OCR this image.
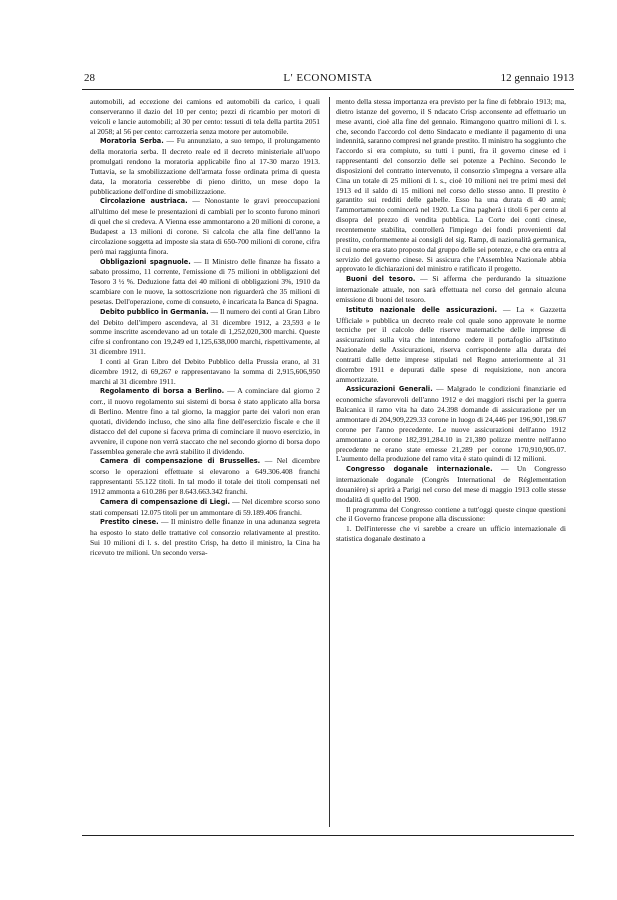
28	L' ECONOMISTA	12 gennaio 1913

automobili, ad eccezione dei camions ed automobili da carico, i quali conserveranno il dazio del 10 per cento; pezzi di ricambio per motori di veicoli e lancie automobili; al 30 per cento: tessuti di tela della partita 2051 al 2058; al 56 per cento: carrozzeria senza motore per automobile.

Moratoria Serba. — Fu annunziato, a suo tempo, il prolungamento della moratoria serba. Il decreto reale ed il decreto ministeriale all'uopo promulgati rendono la moratoria applicabile fino al 17-30 marzo 1913. Tuttavia, se la smobilizzazione dell'armata fosse ordinata prima di questa data, la moratoria cesserebbe di pieno diritto, un mese dopo la pubblicazione dell'ordine di smobilizzazione.

Circolazione austriaca. — Nonostante le gravi preoccupazioni all'ultimo del mese le presentazioni di cambiali per lo sconto furono minori di quel che si credeva. A Vienna esse ammontarono a 20 milioni di corone, a Budapest a 13 milioni di corone. Si calcola che alla fine dell'anno la circolazione soggetta ad imposte sia stata di 650-700 milioni di corone, cifra però mai raggiunta finora.

Obbligazioni spagnuole. — Il Ministro delle finanze ha fissato a sabato prossimo, 11 corrente, l'emissione di 75 milioni in obbligazioni del Tesoro 3 ½ %. Deduzione fatta dei 40 milioni di obbligazioni 3%, 1910 da scambiare con le nuove, la sottoscrizione non riguarderà che 35 milioni di pesetas. Dell'operazione, come di consueto, è incaricata la Banca di Spagna.

Debito pubblico in Germania. — Il numero dei conti al Gran Libro del Debito dell'impero ascendeva, al 31 dicembre 1912, a 23,593 e le somme inscritte ascendevano ad un totale di 1,252,020,300 marchi. Queste cifre si confrontano con 19,249 ed 1,125,638,000 marchi, rispettivamente, al 31 dicembre 1911.

I conti al Gran Libro del Debito Pubblico della Prussia erano, al 31 dicembre 1912, di 69,267 e rappresentavano la somma di 2,915,606,950 marchi al 31 dicembre 1911.

Regolamento di borsa a Berlino. — A cominciare dal giorno 2 corr., il nuovo regolamento sui sistemi di borsa è stato applicato alla borsa di Berlino. Mentre fino a tal giorno, la maggior parte dei valori non eran quotati, dividendo incluso, che sino alla fine dell'esercizio fiscale e che il distacco del del cupone si faceva prima di cominciare il nuovo esercizio, in avvenire, il cupone non verrà staccato che nel secondo giorno di borsa dopo l'assemblea generale che avrà stabilito il dividendo.

Camera di compensazione di Brusselles. — Nel dicembre scorso le operazioni effettuate si elevarono a 649.306.408 franchi rappresentanti 55.122 titoli. In tal modo il totale dei titoli compensati nel 1912 ammonta a 610.286 per 8.643.663.342 franchi.

Camera di compensazione di Liegi. — Nel dicembre scorso sono stati compensati 12.075 titoli per un ammontare di 59.189.406 franchi.

Prestito cinese. — Il ministro delle finanze in una adunanza segreta ha esposto lo stato delle trattative col consorzio relativamente al prestito. Sui 10 milioni di l. s. del prestito Crisp, ha detto il ministro, la Cina ha ricevuto tre milioni. Un secondo versa-

mento della stessa importanza era previsto per la fine di febbraio 1913; ma, dietro istanze del governo, il S ndacato Crisp acconsente ad effettuario un mese avanti, cioè alla fine del gennaio. Rimangono quattro milioni di l. s. che, secondo l'accordo col detto Sindacato e mediante il pagamento di una indennità, saranno compresi nel grande prestito. Il ministro ha soggiunto che l'accordo si era compiuto, su tutti i punti, fra il governo cinese ed i rappresentanti del consorzio delle sei potenze a Pechino. Secondo le disposizioni del contratto intervenuto, il consorzio s'impegna a versare alla Cina un totale di 25 milioni di l. s., cioè 10 milioni nei tre primi mesi del 1913 ed il saldo di 15 milioni nel corso dello stesso anno. Il prestito è garantito sui redditi delle gabelle. Esso ha una durata di 40 anni; l'ammortamento comincerà nel 1920. La Cina pagherà i titoli 6 per cento al disopra del prezzo di vendita pubblica. La Corte dei conti cinese, recentemente stabilita, controllerà l'impiego dei fondi provenienti dal prestito, conformemente ai consigli del sig. Ramp, di nazionalità germanica, il cui nome era stato proposto dal gruppo delle sei potenze, e che ora entra al servizio del governo cinese. Si assicura che l'Assemblea Nazionale abbia approvato le dichiarazioni del ministro e ratificato il progetto.

Buoni del tesoro. — Si afferma che perdurando la situazione internazionale attuale, non sarà effettuata nel corso del gennaio alcuna emissione di buoni del tesoro.

Istituto nazionale delle assicurazioni. — La « Gazzetta Ufficiale » pubblica un decreto reale col quale sono approvate le norme tecniche per il calcolo delle riserve matematiche delle imprese di assicurazioni sulla vita che intendono cedere il portafoglio all'Istituto Nazionale delle Assicurazioni, riserva corrispondente alla durata dei contratti dalle dette imprese stipulati nel Regno anteriormente al 31 dicembre 1911 e depurati dalle spese di requisizione, non ancora ammortizzate.

Assicurazioni Generali. — Malgrado le condizioni finanziarie ed economiche sfavorevoli dell'anno 1912 e dei maggiori rischi per la guerra Balcanica il ramo vita ha dato 24.398 domande di assicurazione per un ammontare di 204,909,229.33 corone in luogo di 24,446 per 196,901,198.67 corone per l'anno precedente. Le nuove assicurazioni dell'anno 1912 ammontano a corone 182,391,284.10 in 21,380 polizze mentre nell'anno precedente ne erano state emesse 21,289 per corone 170,910,905.07. L'aumento della produzione del ramo vita è stato quindi di 12 milioni.

Congresso doganale internazionale. — Un Congresso internazionale doganale (Congrès International de Réglementation douanière) si aprirà a Parigi nel corso del mese di maggio 1913 colle stesse modalità di quello del 1900.

Il programma del Congresso contiene a tutt'oggi queste cinque questioni che il Governo francese propone alla discussione:

1. Dell'interesse che vi sarebbe a creare un ufficio internazionale di statistica doganale destinato a
